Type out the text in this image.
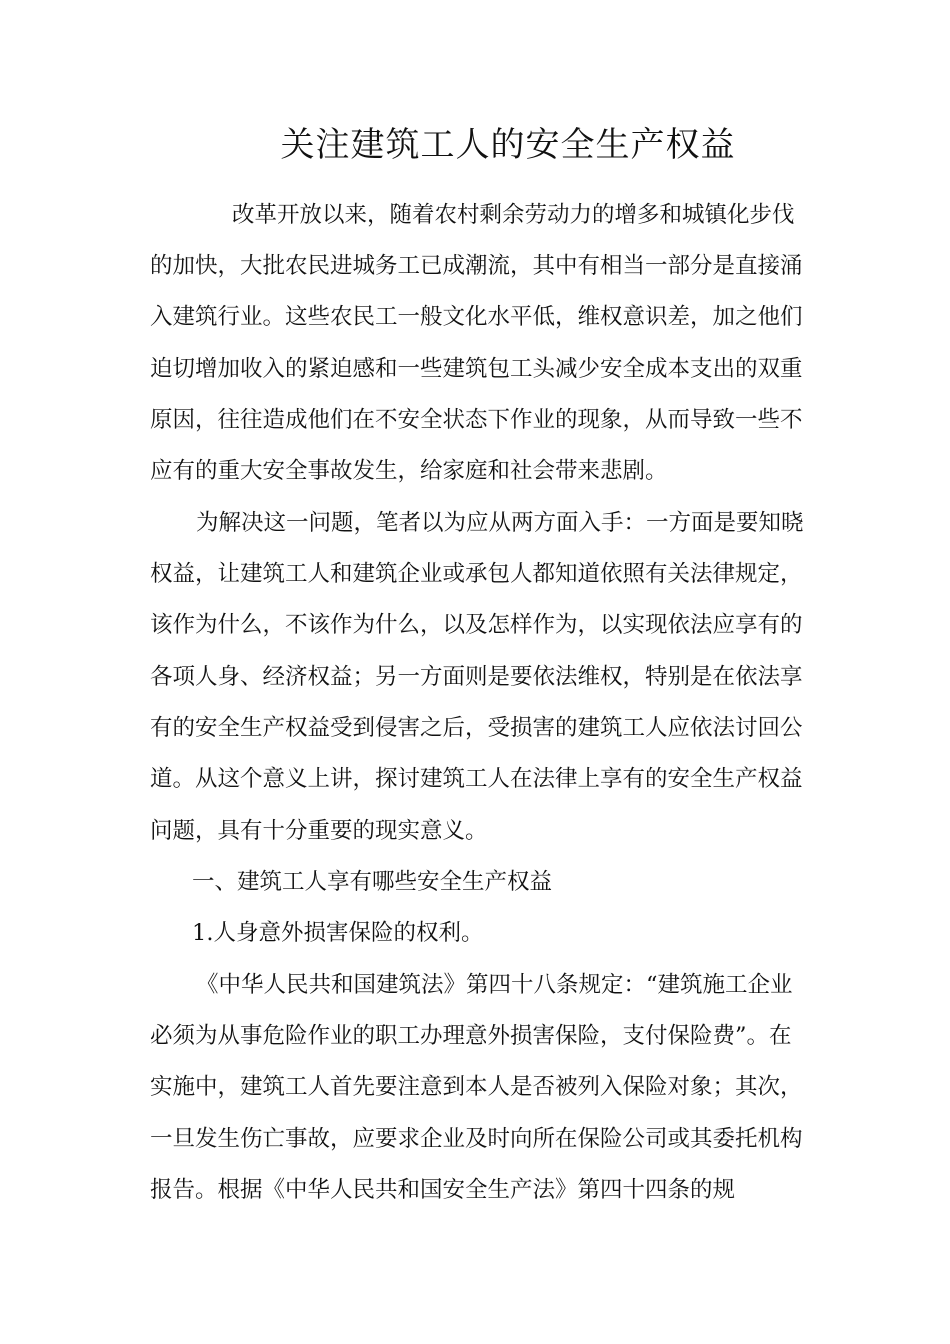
关注建筑工人的安全生产权益
改革开放以来，随着农村剩余劳动力的增多和城镇化步伐
的加快，大批农民进城务工已成潮流，其中有相当一部分是直接涌
入建筑行业。这些农民工一般文化水平低，维权意识差，加之他们
迫切增加收入的紧迫感和一些建筑包工头减少安全成本支出的双重
原因，往往造成他们在不安全状态下作业的现象，从而导致一些不
应有的重大安全事故发生，给家庭和社会带来悲剧。
为解决这一问题，笔者以为应从两方面入手：一方面是要知晓
权益，让建筑工人和建筑企业或承包人都知道依照有关法律规定，
该作为什么，不该作为什么，以及怎样作为，以实现依法应享有的
各项人身、经济权益；另一方面则是要依法维权，特别是在依法享
有的安全生产权益受到侵害之后，受损害的建筑工人应依法讨回公
道。从这个意义上讲，探讨建筑工人在法律上享有的安全生产权益
问题，具有十分重要的现实意义。
一、建筑工人享有哪些安全生产权益
1.人身意外损害保险的权利。
《中华人民共和国建筑法》第四十八条规定：“建筑施工企业
必须为从事危险作业的职工办理意外损害保险，支付保险费”。在
实施中，建筑工人首先要注意到本人是否被列入保险对象；其次，
一旦发生伤亡事故，应要求企业及时向所在保险公司或其委托机构
报告。根据《中华人民共和国安全生产法》第四十四条的规
